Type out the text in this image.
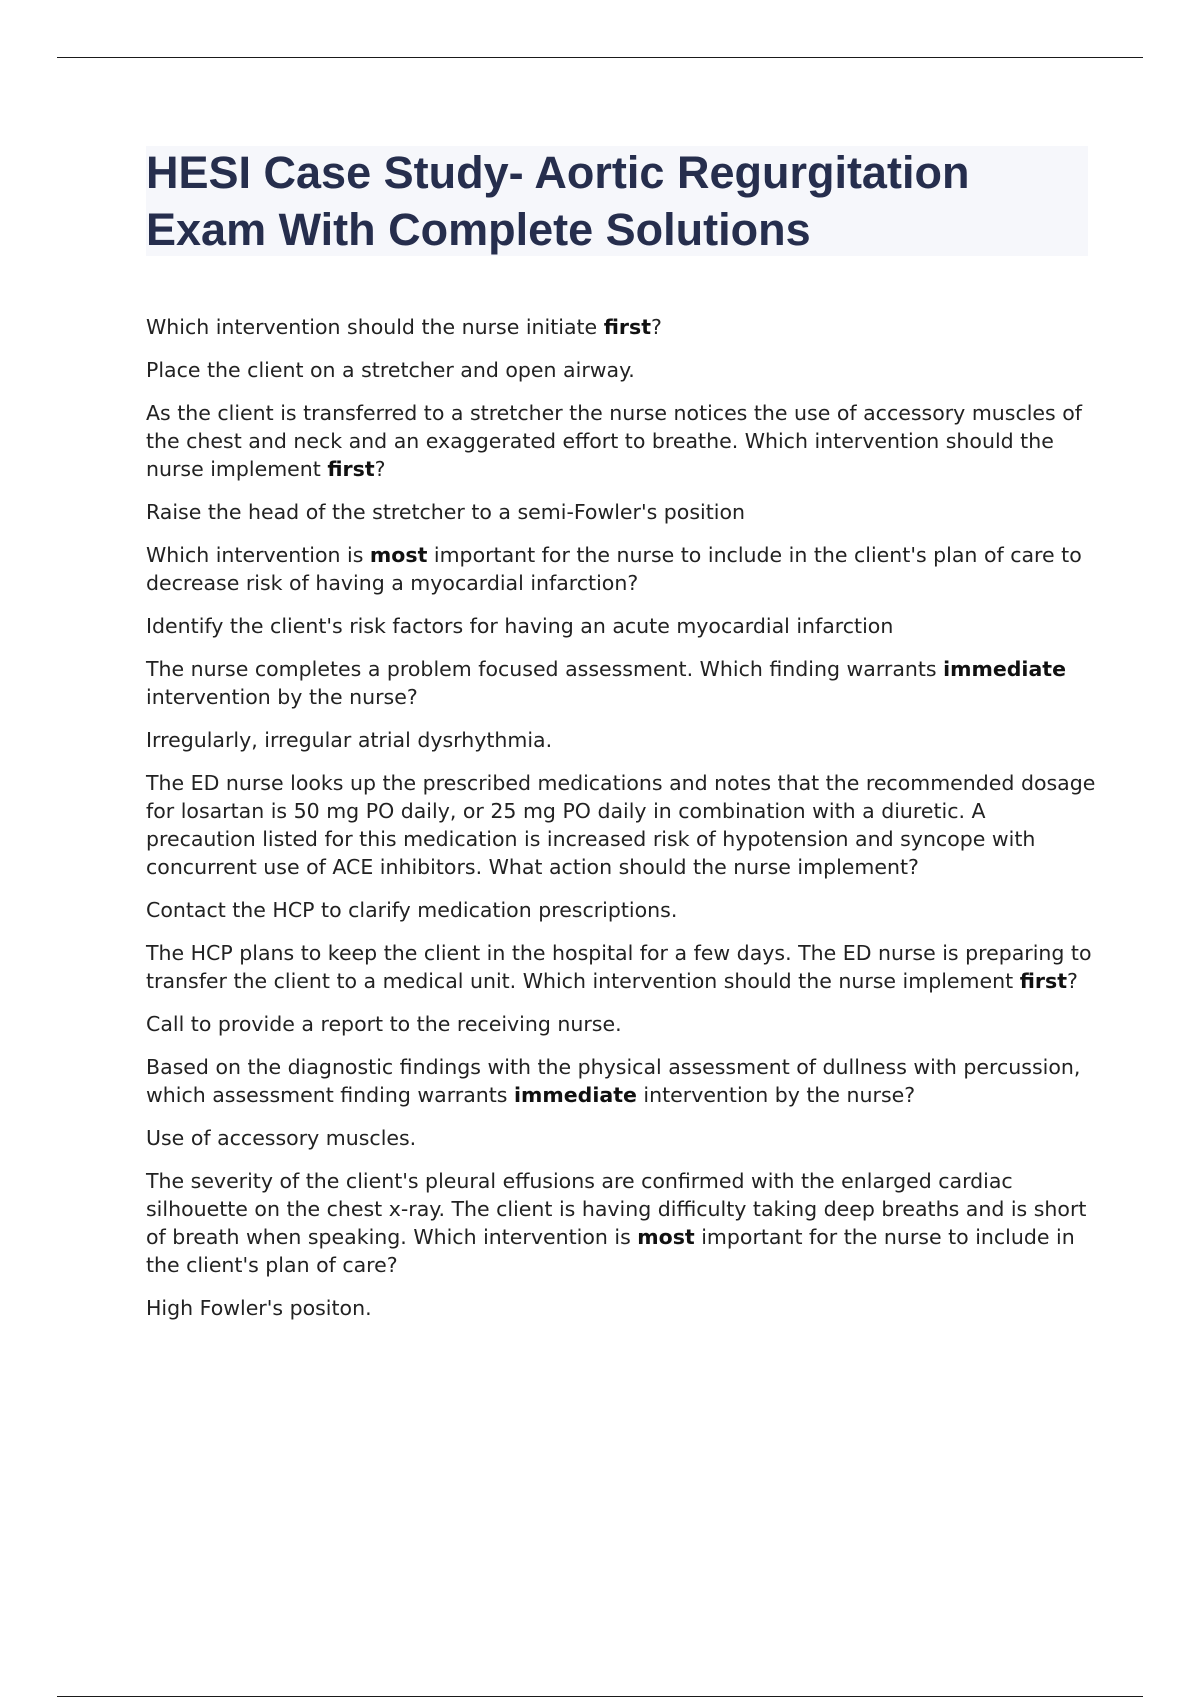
HESI Case Study- Aortic Regurgitation
Exam With Complete Solutions

Which intervention should the nurse initiate first?

Place the client on a stretcher and open airway.

As the client is transferred to a stretcher the nurse notices the use of accessory muscles of the chest and neck and an exaggerated effort to breathe. Which intervention should the nurse implement first?

Raise the head of the stretcher to a semi-Fowler's position

Which intervention is most important for the nurse to include in the client's plan of care to decrease risk of having a myocardial infarction?

Identify the client's risk factors for having an acute myocardial infarction

The nurse completes a problem focused assessment. Which finding warrants immediate intervention by the nurse?

Irregularly, irregular atrial dysrhythmia.

The ED nurse looks up the prescribed medications and notes that the recommended dosage for losartan is 50 mg PO daily, or 25 mg PO daily in combination with a diuretic. A precaution listed for this medication is increased risk of hypotension and syncope with concurrent use of ACE inhibitors. What action should the nurse implement?

Contact the HCP to clarify medication prescriptions.

The HCP plans to keep the client in the hospital for a few days. The ED nurse is preparing to transfer the client to a medical unit. Which intervention should the nurse implement first?

Call to provide a report to the receiving nurse.

Based on the diagnostic findings with the physical assessment of dullness with percussion, which assessment finding warrants immediate intervention by the nurse?

Use of accessory muscles.

The severity of the client's pleural effusions are confirmed with the enlarged cardiac silhouette on the chest x-ray. The client is having difficulty taking deep breaths and is short of breath when speaking. Which intervention is most important for the nurse to include in the client's plan of care?

High Fowler's positon.
